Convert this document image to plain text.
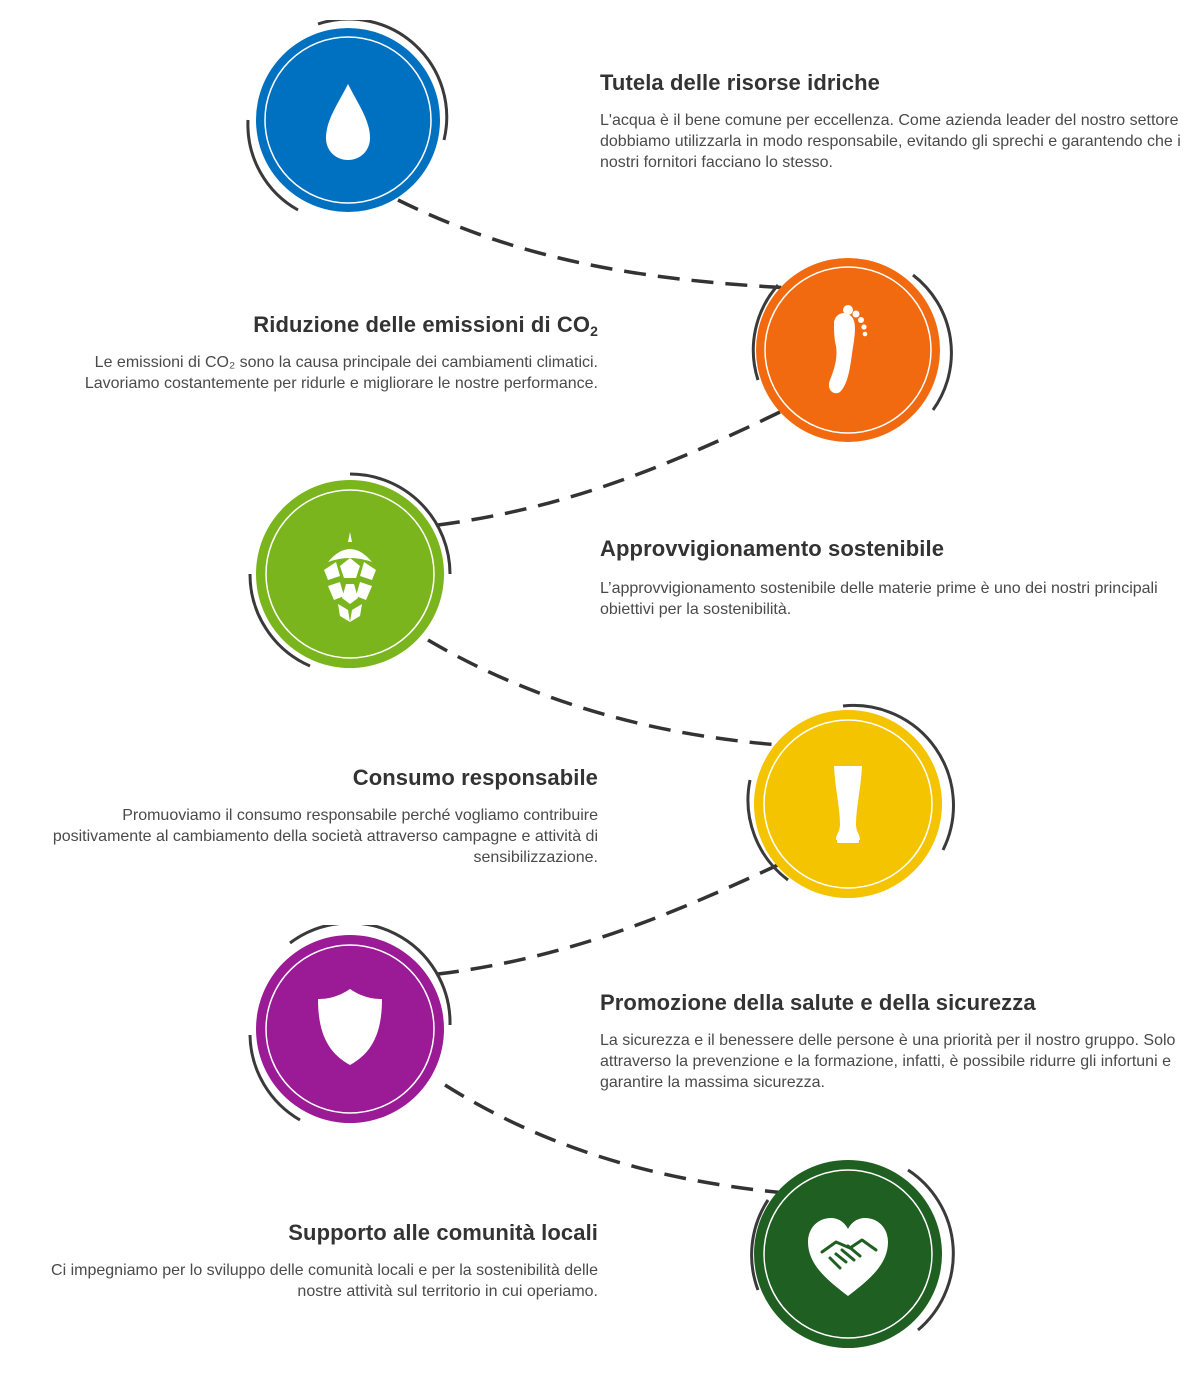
Tutela delle risorse idriche

L'acqua è il bene comune per eccellenza. Come azienda leader del nostro settore dobbiamo utilizzarla in modo responsabile, evitando gli sprechi e garantendo che i nostri fornitori facciano lo stesso.

Riduzione delle emissioni di $CO_2$

Le emissioni di CO₂ sono la causa principale dei cambiamenti climatici. Lavoriamo costantemente per ridurle e migliorare le nostre performance.

Approvvigionamento sostenibile

L’approvvigionamento sostenibile delle materie prime è uno dei nostri principali obiettivi per la sostenibilità.

Consumo responsabile

Promuoviamo il consumo responsabile perché vogliamo contribuire positivamente al cambiamento della società attraverso campagne e attività di sensibilizzazione.

Promozione della salute e della sicurezza

La sicurezza e il benessere delle persone è una priorità per il nostro gruppo. Solo attraverso la prevenzione e la formazione, infatti, è possibile ridurre gli infortuni e garantire la massima sicurezza.

Supporto alle comunità locali

Ci impegniamo per lo sviluppo delle comunità locali e per la sostenibilità delle nostre attività sul territorio in cui operiamo.
